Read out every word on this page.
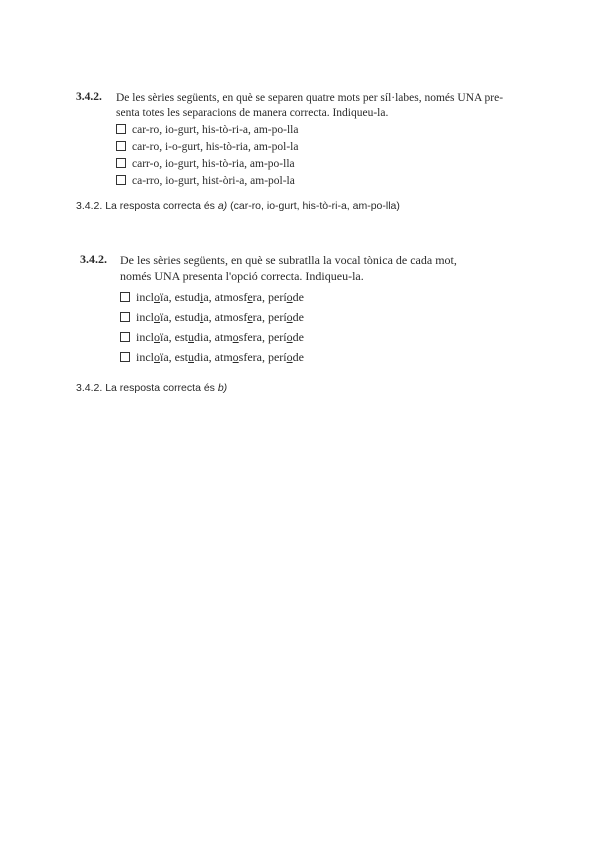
3.4.2. De les sèries següents, en què se separen quatre mots per síl·labes, només UNA pre-
senta totes les separacions de manera correcta. Indiqueu-la.
car-ro, io-gurt, his-tò-ri-a, am-po-lla
car-ro, i-o-gurt, his-tò-ria, am-pol-la
carr-o, io-gurt, his-tò-ria, am-po-lla
ca-rro, io-gurt, hist-òri-a, am-pol-la
3.4.2. La resposta correcta és a) (car-ro, io-gurt, his-tò-ri-a, am-po-lla)
3.4.2. De les sèries següents, en què se subratlla la vocal tònica de cada mot,
només UNA presenta l'opció correcta. Indiqueu-la.
incloïa, estudia, atmosfera, període
incloïa, estudia, atmosfera, període
incloïa, estudia, atmosfera, període
incloïa, estudia, atmosfera, període
3.4.2. La resposta correcta és b)
